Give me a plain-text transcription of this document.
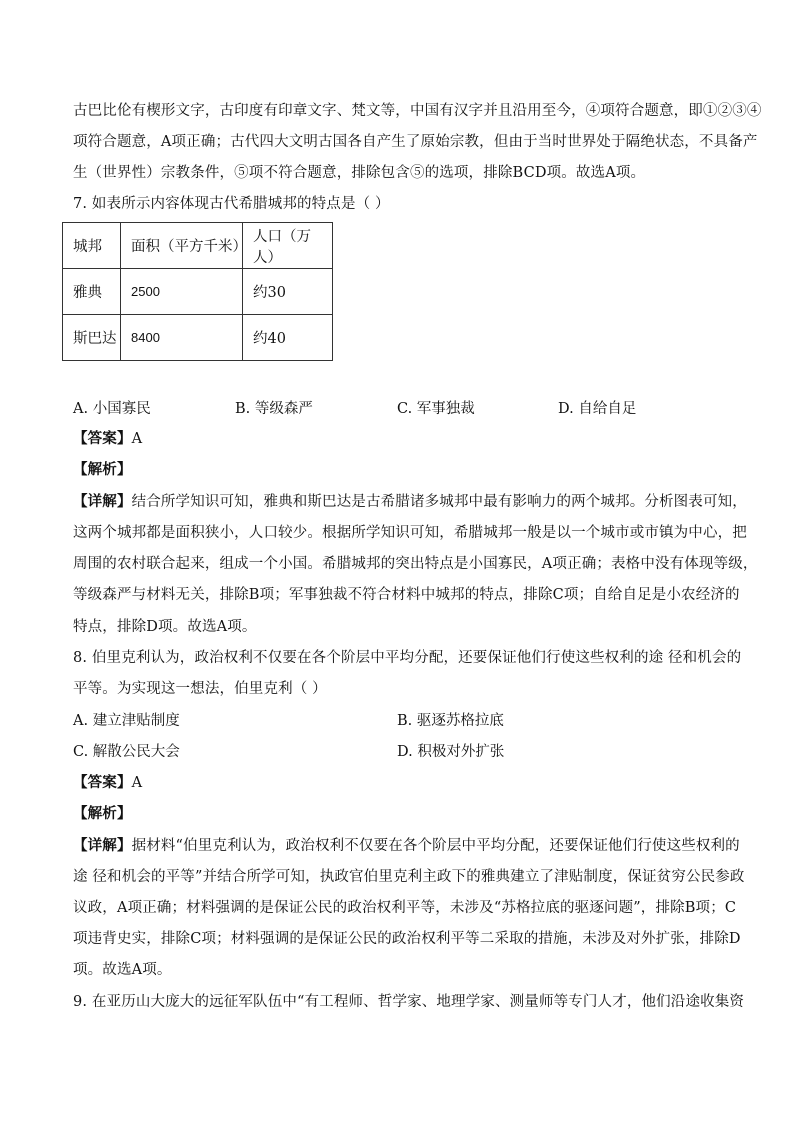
古巴比伦有楔形文字，古印度有印章文字、梵文等，中国有汉字并且沿用至今，④项符合题意，即①②③④
项符合题意，A项正确；古代四大文明古国各自产生了原始宗教，但由于当时世界处于隔绝状态，不具备产
生（世界性）宗教条件，⑤项不符合题意，排除包含⑤的选项，排除BCD项。故选A项。
7. 如表所示内容体现古代希腊城邦的特点是（ ）
城邦	面积（平方千米）	人口（万人）
雅典	2500	约30
斯巴达	8400	约40
A. 小国寡民	B. 等级森严	C. 军事独裁	D. 自给自足
【答案】A
【解析】
【详解】结合所学知识可知，雅典和斯巴达是古希腊诸多城邦中最有影响力的两个城邦。分析图表可知，
这两个城邦都是面积狭小，人口较少。根据所学知识可知，希腊城邦一般是以一个城市或市镇为中心，把
周围的农村联合起来，组成一个小国。希腊城邦的突出特点是小国寡民，A项正确；表格中没有体现等级，
等级森严与材料无关，排除B项；军事独裁不符合材料中城邦的特点，排除C项；自给自足是小农经济的
特点，排除D项。故选A项。
8. 伯里克利认为，政治权利不仅要在各个阶层中平均分配，还要保证他们行使这些权利的途 径和机会的
平等。为实现这一想法，伯里克利（ ）
A. 建立津贴制度	B. 驱逐苏格拉底
C. 解散公民大会	D. 积极对外扩张
【答案】A
【解析】
【详解】据材料“伯里克利认为，政治权利不仅要在各个阶层中平均分配，还要保证他们行使这些权利的
途 径和机会的平等”并结合所学可知，执政官伯里克利主政下的雅典建立了津贴制度，保证贫穷公民参政
议政，A项正确；材料强调的是保证公民的政治权利平等，未涉及“苏格拉底的驱逐问题”，排除B项；C
项违背史实，排除C项；材料强调的是保证公民的政治权利平等二采取的措施，未涉及对外扩张，排除D
项。故选A项。
9. 在亚历山大庞大的远征军队伍中“有工程师、哲学家、地理学家、测量师等专门人才，他们沿途收集资
